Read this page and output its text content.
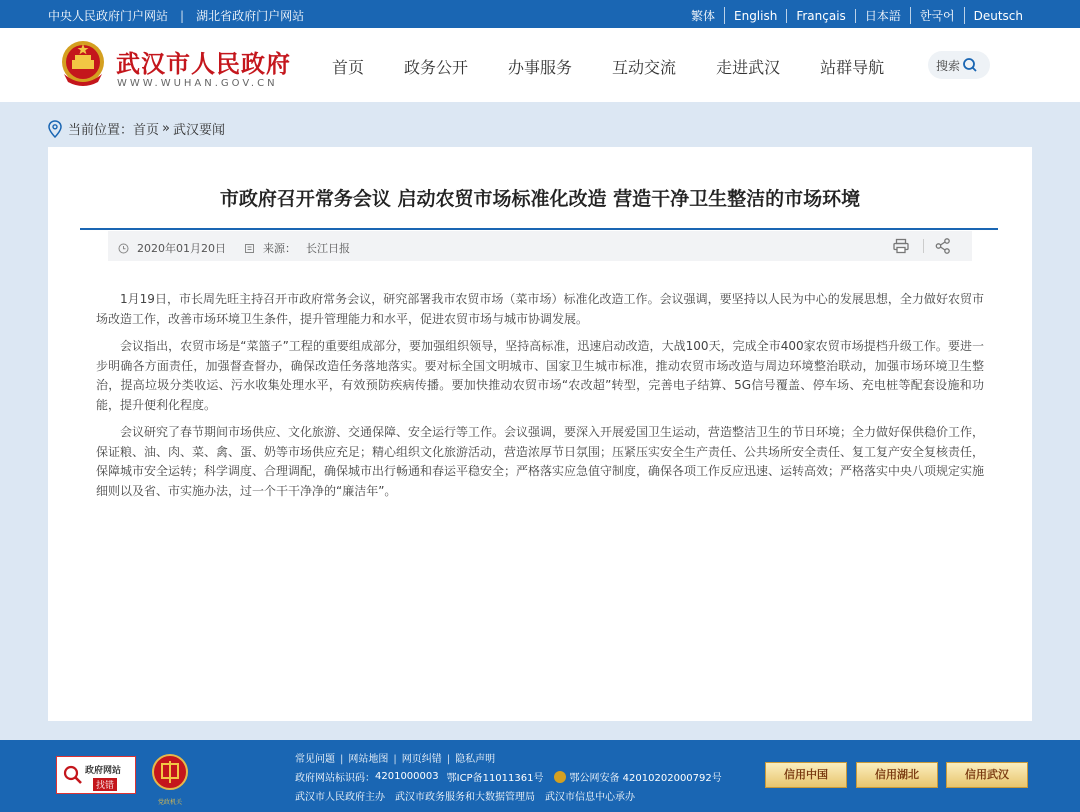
中央人民政府门户网站 | 湖北省政府门户网站	繁体	English	Français	日本語	한국어	Deutsch
武汉市人民政府
WWW.WUHAN.GOV.CN
首页	政务公开	办事服务	互动交流	走进武汉	站群导航	搜索
当前位置： 首页 » 武汉要闻
市政府召开常务会议 启动农贸市场标准化改造 营造干净卫生整洁的市场环境
2020年01月20日	来源： 长江日报

1月19日，市长周先旺主持召开市政府常务会议，研究部署我市农贸市场（菜市场）标准化改造工作。会议强调，要坚持以人民为中心的发展思想，全力做好农贸市场改造工作，改善市场环境卫生条件，提升管理能力和水平，促进农贸市场与城市协调发展。

会议指出，农贸市场是“菜篮子”工程的重要组成部分，要加强组织领导，坚持高标准，迅速启动改造，大战100天，完成全市400家农贸市场提档升级工作。要进一步明确各方面责任，加强督查督办，确保改造任务落地落实。要对标全国文明城市、国家卫生城市标准，推动农贸市场改造与周边环境整治联动，加强市场环境卫生整治，提高垃圾分类收运、污水收集处理水平，有效预防疾病传播。要加快推动农贸市场“农改超”转型，完善电子结算、5G信号覆盖、停车场、充电桩等配套设施和功能，提升便利化程度。

会议研究了春节期间市场供应、文化旅游、交通保障、安全运行等工作。会议强调，要深入开展爱国卫生运动，营造整洁卫生的节日环境；全力做好保供稳价工作，保证粮、油、肉、菜、禽、蛋、奶等市场供应充足；精心组织文化旅游活动，营造浓厚节日氛围；压紧压实安全生产责任、公共场所安全责任、复工复产安全复核责任，保障城市安全运转；科学调度、合理调配，确保城市出行畅通和春运平稳安全；严格落实应急值守制度，确保各项工作反应迅速、运转高效；严格落实中央八项规定实施细则以及省、市实施办法，过一个干干净净的“廉洁年”。

政府网站
找错
党政机关
常见问题 |	网站地图 |	网页纠错 |	隐私声明
政府网站标识码： 4201000003 鄂ICP备11011361号	鄂公网安备 42010202000792号
武汉市人民政府主办 武汉市政务服务和大数据管理局 武汉市信息中心承办
信用中国	信用湖北	信用武汉
